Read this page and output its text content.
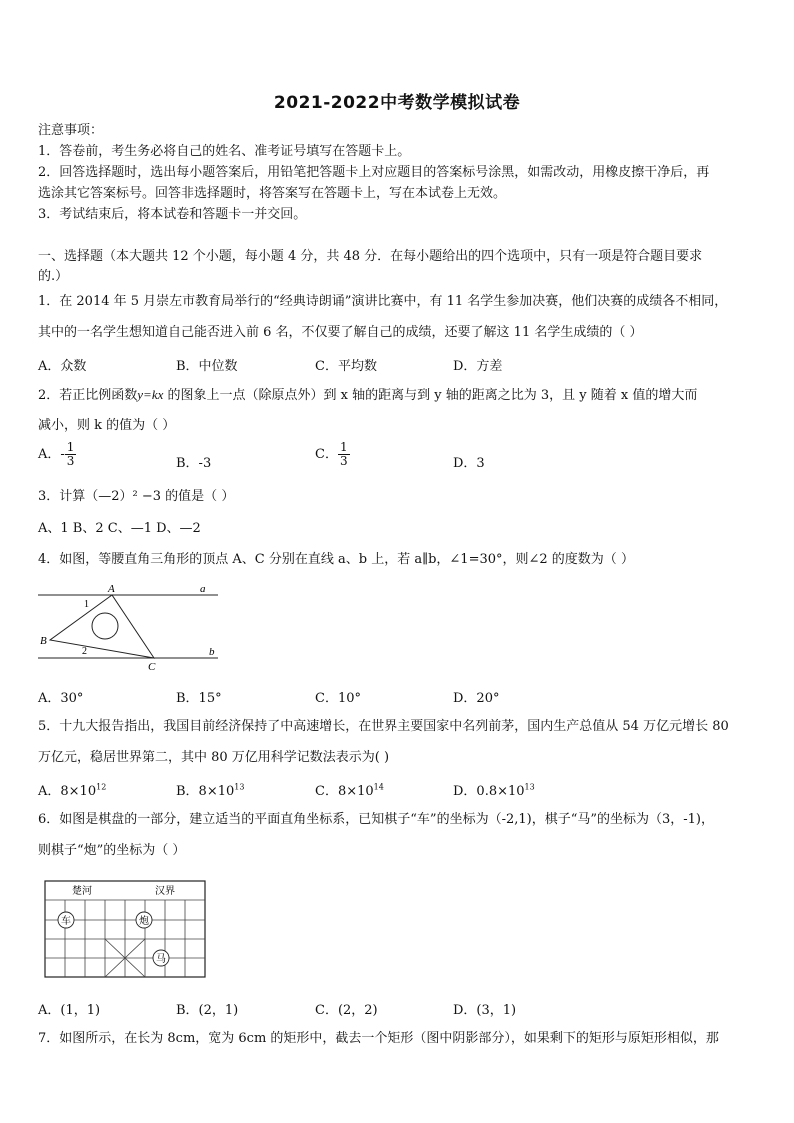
2021-2022中考数学模拟试卷
注意事项：
1．答卷前，考生务必将自己的姓名、准考证号填写在答题卡上。
2．回答选择题时，选出每小题答案后，用铅笔把答题卡上对应题目的答案标号涂黑，如需改动，用橡皮擦干净后，再
选涂其它答案标号。回答非选择题时，将答案写在答题卡上，写在本试卷上无效。
3．考试结束后，将本试卷和答题卡一并交回。
一、选择题（本大题共 12 个小题，每小题 4 分，共 48 分．在每小题给出的四个选项中，只有一项是符合题目要求
的.）
1．在 2014 年 5 月崇左市教育局举行的“经典诗朗诵”演讲比赛中，有 11 名学生参加决赛，他们决赛的成绩各不相同，
其中的一名学生想知道自己能否进入前 6 名，不仅要了解自己的成绩，还要了解这 11 名学生成绩的（ ）
A．众数	B．中位数	C．平均数	D．方差
2．若正比例函数y=kx 的图象上一点（除原点外）到 x 轴的距离与到 y 轴的距离之比为 3，且 y 随着 x 值的增大而
减小，则 k 的值为（ ）
A．- $\frac{1}{3}$	B．-3
C． $\frac{1}{3}$	D．3
3．计算（—2）² −3 的值是（ ）
A、1 B、2 C、—1 D、—2
4．如图，等腰直角三角形的顶点 A、C 分别在直线 a、b 上，若 a∥b，∠1=30°，则∠2 的度数为（ ）
a
b
A
B
C
1
2
A．30°	B．15°	C．10°	D．20°
5．十九大报告指出，我国目前经济保持了中高速增长，在世界主要国家中名列前茅，国内生产总值从 54 万亿元增长 80
万亿元，稳居世界第二，其中 80 万亿用科学记数法表示为( )
A．$8\times 10^{12}$	B．$8\times 10^{13}$	C．$8\times 10^{14}$	D．$0.8\times 10^{13}$
6．如图是棋盘的一部分，建立适当的平面直角坐标系，已知棋子“车”的坐标为（-2,1)，棋子“马”的坐标为（3，-1)，
则棋子“炮”的坐标为（ ）
楚河	汉界
车	炮
马
A．(1，1)	B．(2，1)	C．(2，2)	D．(3，1)
7．如图所示，在长为 8cm，宽为 6cm 的矩形中，截去一个矩形（图中阴影部分），如果剩下的矩形与原矩形相似，那
